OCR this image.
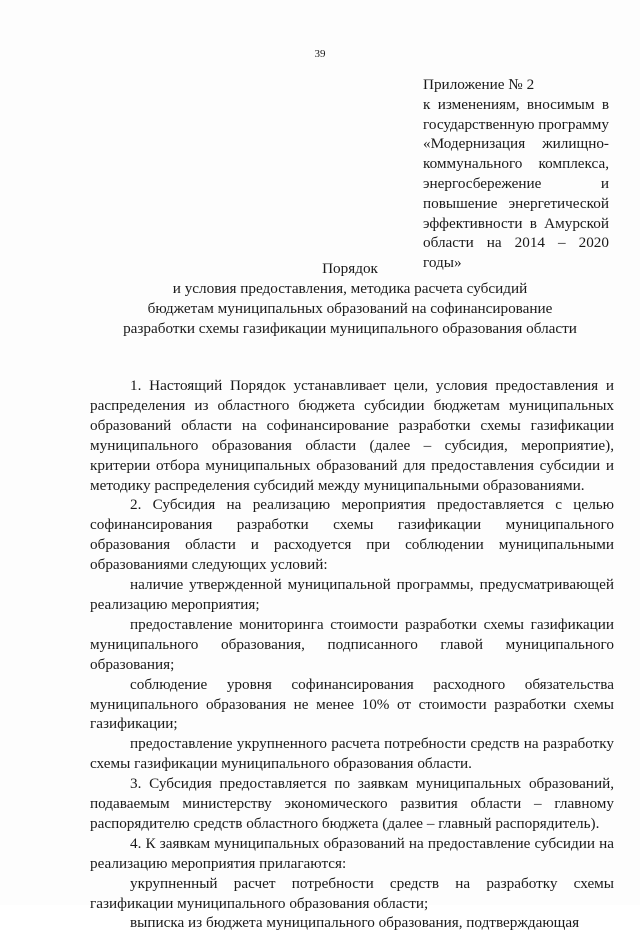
39
Приложение № 2
к изменениям, вносимым в государственную программу «Модернизация жилищно-коммунального комплекса, энергосбережение и повышение энергетической эффективности в Амурской области на 2014 – 2020 годы»
Порядок
и условия предоставления, методика расчета субсидий
бюджетам муниципальных образований на софинансирование
разработки схемы газификации муниципального образования области

1. Настоящий Порядок устанавливает цели, условия предоставления и распределения из областного бюджета субсидии бюджетам муниципальных образований области на софинансирование разработки схемы газификации муниципального образования области (далее – субсидия, мероприятие), критерии отбора муниципальных образований для предоставления субсидии и методику распределения субсидий между муниципальными образованиями.

2. Субсидия на реализацию мероприятия предоставляется с целью софинансирования разработки схемы газификации муниципального образования области и расходуется при соблюдении муниципальными образованиями следующих условий:

наличие утвержденной муниципальной программы, предусматривающей реализацию мероприятия;

предоставление мониторинга стоимости разработки схемы газификации муниципального образования, подписанного главой муниципального образования;

соблюдение уровня софинансирования расходного обязательства муниципального образования не менее 10% от стоимости разработки схемы газификации;

предоставление укрупненного расчета потребности средств на разработку схемы газификации муниципального образования области.

3. Субсидия предоставляется по заявкам муниципальных образований, подаваемым министерству экономического развития области – главному распорядителю средств областного бюджета (далее – главный распорядитель).

4. К заявкам муниципальных образований на предоставление субсидии на реализацию мероприятия прилагаются:

укрупненный расчет потребности средств на разработку схемы газификации муниципального образования области;

выписка из бюджета муниципального образования, подтверждающая
